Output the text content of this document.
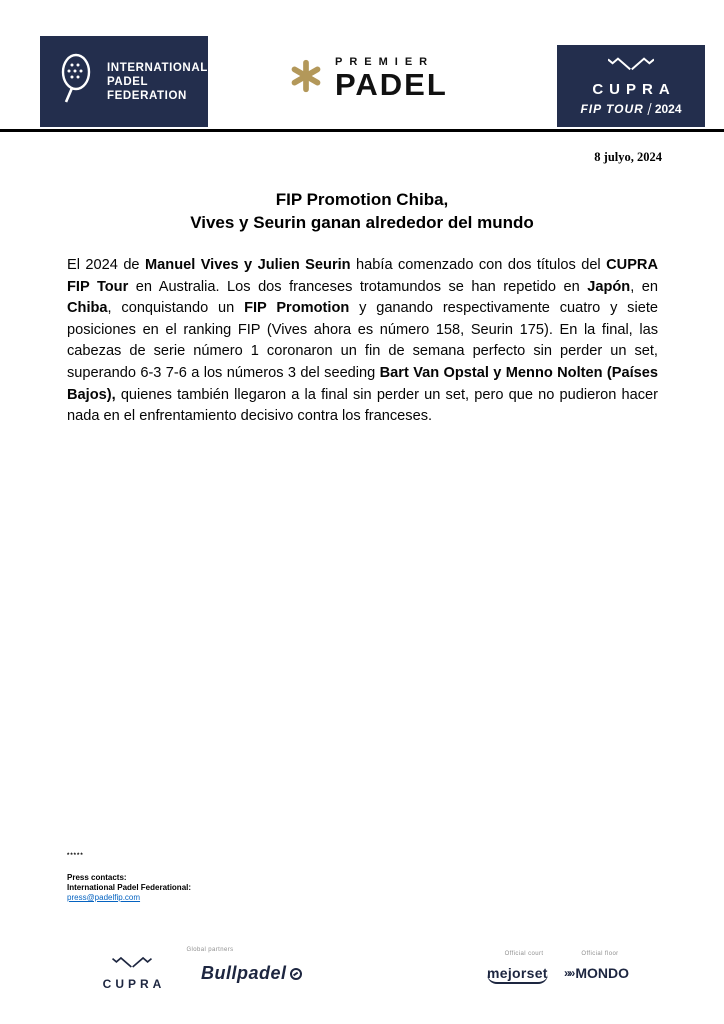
INTERNATIONAL
PADEL
FEDERATION
PREMIER
PADEL	CUPRA
FIP TOUR 2024
8 julyo, 2024
FIP Promotion Chiba,
Vives y Seurin ganan alrededor del mundo

El 2024 de Manuel Vives y Julien Seurin había comenzado con dos títulos del CUPRA FIP Tour en Australia. Los dos franceses trotamundos se han repetido en Japón, en Chiba, conquistando un FIP Promotion y ganando respectivamente cuatro y siete posiciones en el ranking FIP (Vives ahora es número 158, Seurin 175). En la final, las cabezas de serie número 1 coronaron un fin de semana perfecto sin perder un set, superando 6-3 7-6 a los números 3 del seeding Bart Van Opstal y Menno Nolten (Países Bajos), quienes también llegaron a la final sin perder un set, pero que no pudieron hacer nada en el enfrentamiento decisivo contra los franceses.

*****
Press contacts:
International Padel Federational:
press@padelfip.com
Global partners
Official court	Official floor
CUPRA
Bullpadel	mejorset »» MONDO
